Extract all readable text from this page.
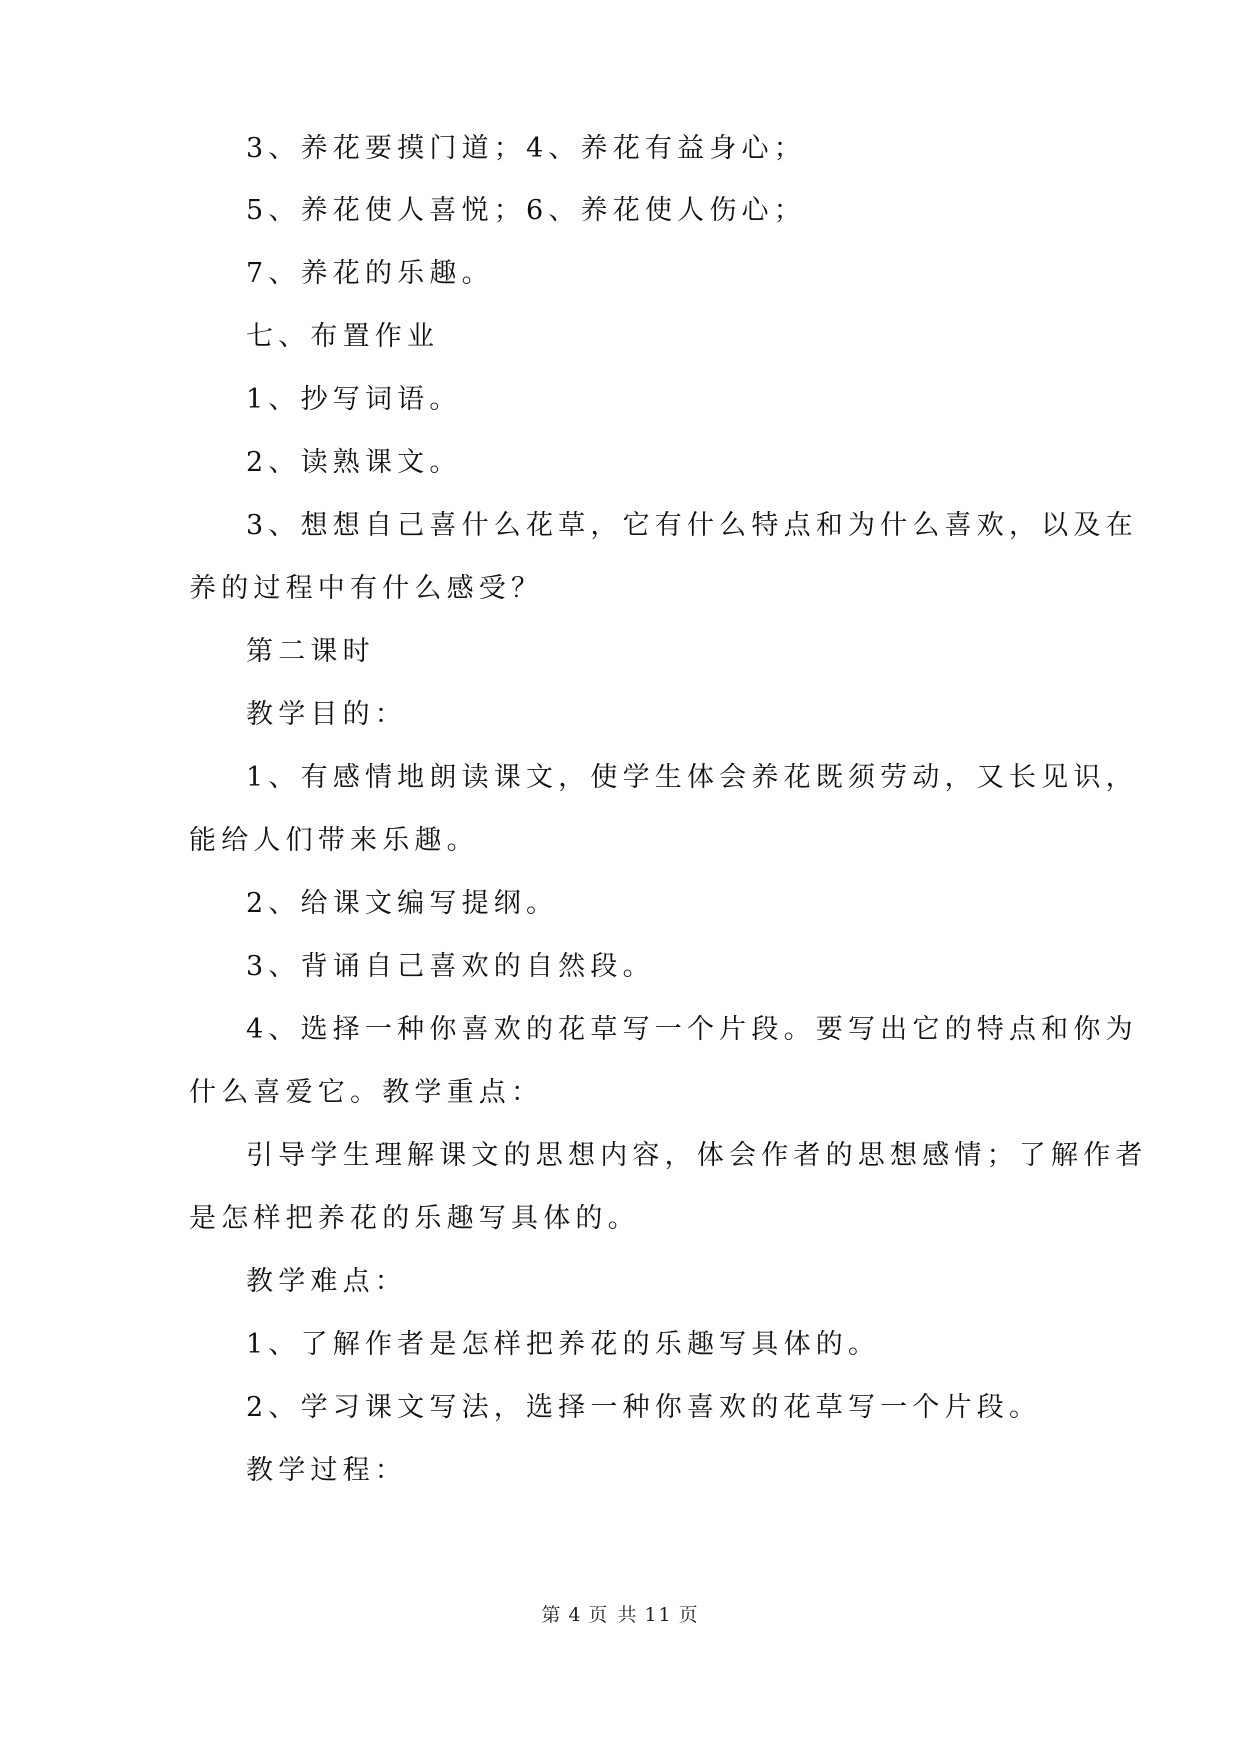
3、养花要摸门道；4、养花有益身心；
5、养花使人喜悦；6、养花使人伤心；
7、养花的乐趣。
七、布置作业
1、抄写词语。
2、读熟课文。
3、想想自己喜什么花草，它有什么特点和为什么喜欢，以及在
养的过程中有什么感受？
第二课时
教学目的：
1、有感情地朗读课文，使学生体会养花既须劳动，又长见识，
能给人们带来乐趣。
2、给课文编写提纲。
3、背诵自己喜欢的自然段。
4、选择一种你喜欢的花草写一个片段。要写出它的特点和你为
什么喜爱它。教学重点：
引导学生理解课文的思想内容，体会作者的思想感情；了解作者
是怎样把养花的乐趣写具体的。
教学难点：
1、了解作者是怎样把养花的乐趣写具体的。
2、学习课文写法，选择一种你喜欢的花草写一个片段。
教学过程：
第 4 页 共 11 页
